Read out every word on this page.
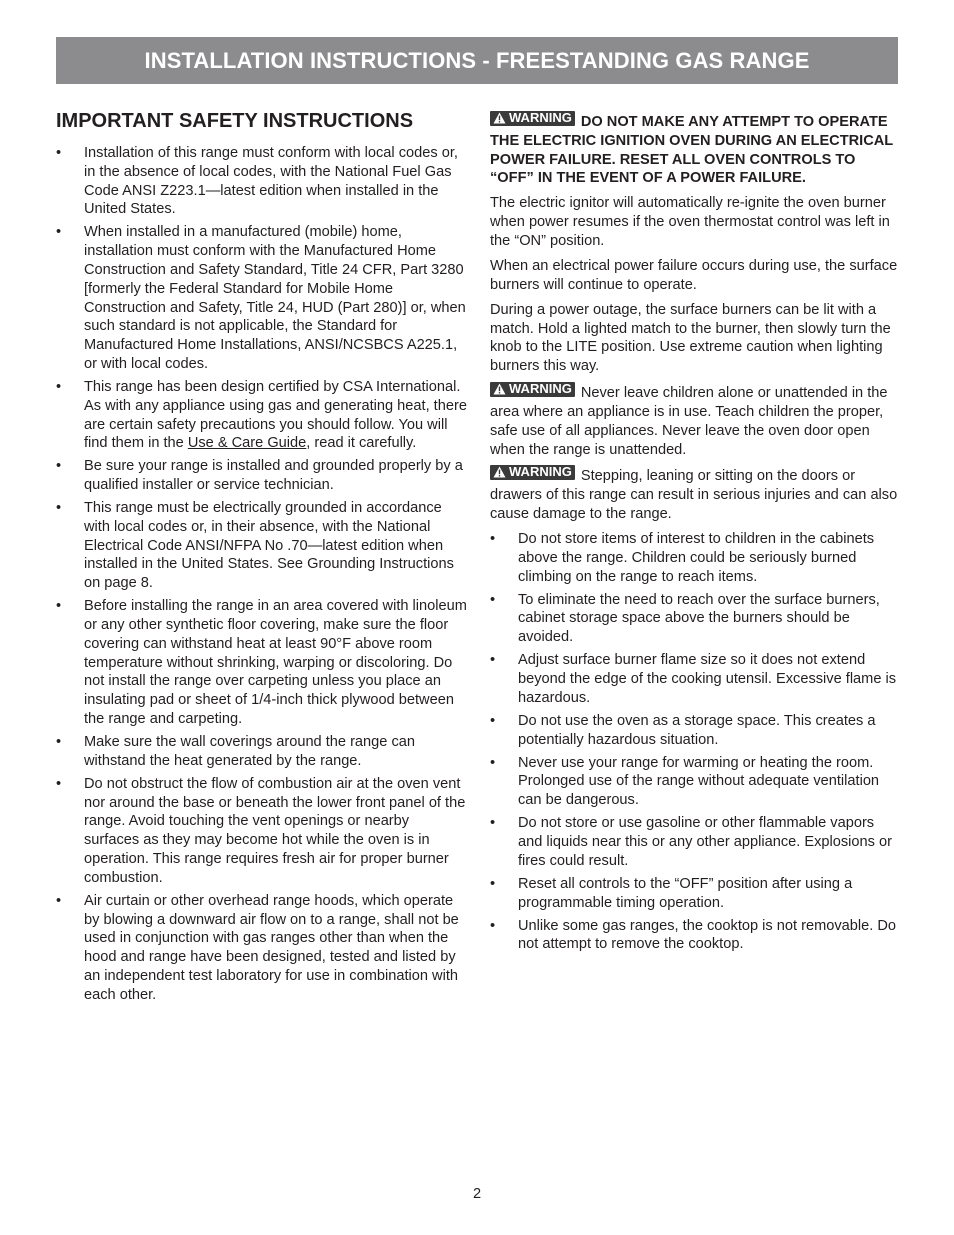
INSTALLATION INSTRUCTIONS - FREESTANDING GAS RANGE
IMPORTANT SAFETY INSTRUCTIONS
•	Installation of this range must conform with local codes or, in the absence of local codes, with the National Fuel Gas Code ANSI Z223.1—latest edition when installed in the United States.
•	When installed in a manufactured (mobile) home, installation must conform with the Manufactured Home Construction and Safety Standard, Title 24 CFR, Part 3280 [formerly the Federal Standard for Mobile Home Construction and Safety, Title 24, HUD (Part 280)] or, when such standard is not applicable, the Standard for Manufactured Home Installations, ANSI/NCSBCS A225.1, or with local codes.
•	This range has been design certified by CSA International. As with any appliance using gas and generating heat, there are certain safety precautions you should follow. You will find them in the Use & Care Guide, read it carefully.
•	Be sure your range is installed and grounded properly by a qualified installer or service technician.
•	This range must be electrically grounded in accordance with local codes or, in their absence, with the National Electrical Code ANSI/NFPA No .70—latest edition when installed in the United States. See Grounding Instructions on page 8.
•	Before installing the range in an area covered with linoleum or any other synthetic floor covering, make sure the floor covering can withstand heat at least 90°F above room temperature without shrinking, warping or discoloring. Do not install the range over carpeting unless you place an insulating pad or sheet of 1/4-inch thick plywood between the range and carpeting.
•	Make sure the wall coverings around the range can withstand the heat generated by the range.
•	Do not obstruct the flow of combustion air at the oven vent nor around the base or beneath the lower front panel of the range. Avoid touching the vent openings or nearby surfaces as they may become hot while the oven is in operation. This range requires fresh air for proper burner combustion.
•	Air curtain or other overhead range hoods, which operate by blowing a downward air flow on to a range, shall not be used in conjunction with gas ranges other than when the hood and range have been designed, tested and listed by an independent test laboratory for use in combination with each other.

WARNING DO NOT MAKE ANY ATTEMPT TO OPERATE THE ELECTRIC IGNITION OVEN DURING AN ELECTRICAL POWER FAILURE. RESET ALL OVEN CONTROLS TO “OFF” IN THE EVENT OF A POWER FAILURE.

The electric ignitor will automatically re-ignite the oven burner when power resumes if the oven thermostat control was left in the “ON” position.

When an electrical power failure occurs during use, the surface burners will continue to operate.

During a power outage, the surface burners can be lit with a match. Hold a lighted match to the burner, then slowly turn the knob to the LITE position. Use extreme caution when lighting burners this way.

WARNING Never leave children alone or unattended in the area where an appliance is in use. Teach children the proper, safe use of all appliances. Never leave the oven door open when the range is unattended.

WARNING Stepping, leaning or sitting on the doors or drawers of this range can result in serious injuries and can also cause damage to the range.

•	Do not store items of interest to children in the cabinets above the range. Children could be seriously burned climbing on the range to reach items.
•	To eliminate the need to reach over the surface burners, cabinet storage space above the burners should be avoided.
•	Adjust surface burner flame size so it does not extend beyond the edge of the cooking utensil. Excessive flame is hazardous.
•	Do not use the oven as a storage space. This creates a potentially hazardous situation.
•	Never use your range for warming or heating the room. Prolonged use of the range without adequate ventilation can be dangerous.
•	Do not store or use gasoline or other flammable vapors and liquids near this or any other appliance. Explosions or fires could result.
•	Reset all controls to the “OFF” position after using a programmable timing operation.
•	Unlike some gas ranges, the cooktop is not removable. Do not attempt to remove the cooktop.
2
